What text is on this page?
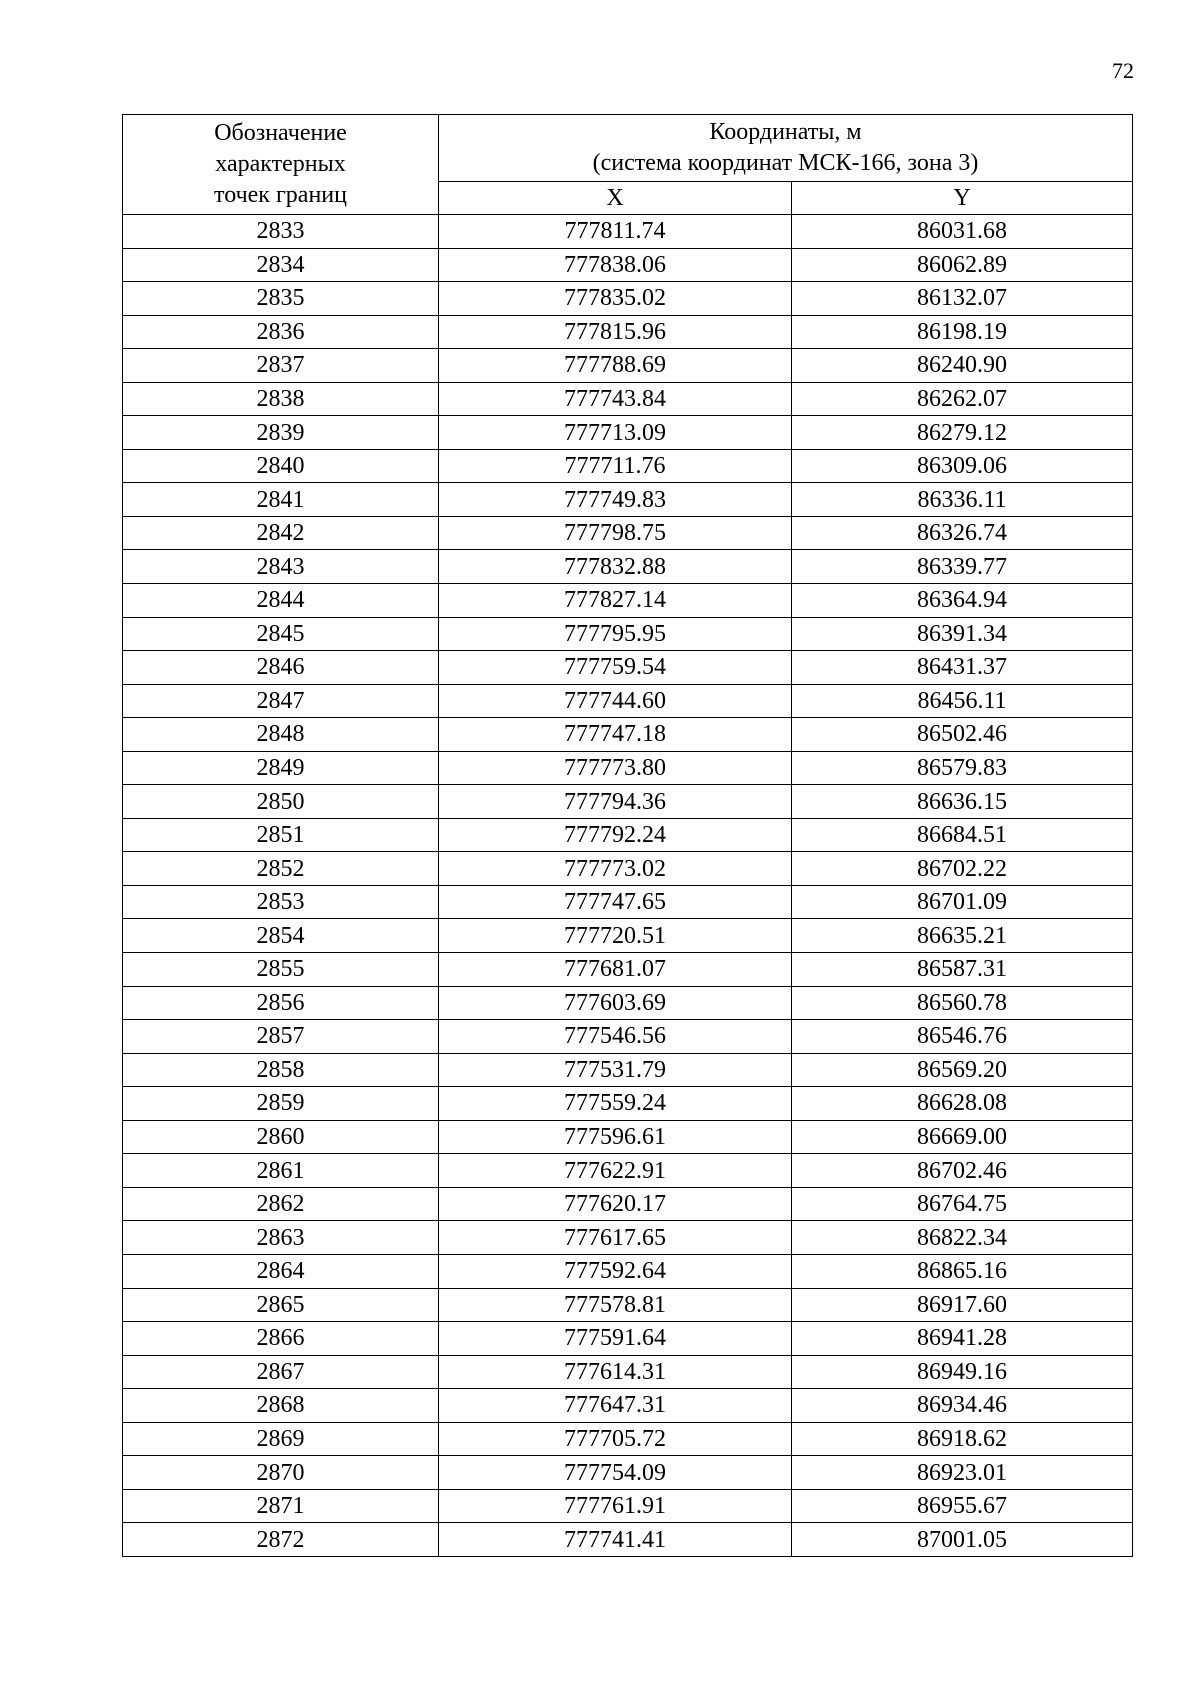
72
Обозначение
характерных
точек границ	Координаты, м
(система координат МСК-166, зона 3)	

	X	Y
2833	777811.74	86031.68
2834	777838.06	86062.89
2835	777835.02	86132.07
2836	777815.96	86198.19
2837	777788.69	86240.90
2838	777743.84	86262.07
2839	777713.09	86279.12
2840	777711.76	86309.06
2841	777749.83	86336.11
2842	777798.75	86326.74
2843	777832.88	86339.77
2844	777827.14	86364.94
2845	777795.95	86391.34
2846	777759.54	86431.37
2847	777744.60	86456.11
2848	777747.18	86502.46
2849	777773.80	86579.83
2850	777794.36	86636.15
2851	777792.24	86684.51
2852	777773.02	86702.22
2853	777747.65	86701.09
2854	777720.51	86635.21
2855	777681.07	86587.31
2856	777603.69	86560.78
2857	777546.56	86546.76
2858	777531.79	86569.20
2859	777559.24	86628.08
2860	777596.61	86669.00
2861	777622.91	86702.46
2862	777620.17	86764.75
2863	777617.65	86822.34
2864	777592.64	86865.16
2865	777578.81	86917.60
2866	777591.64	86941.28
2867	777614.31	86949.16
2868	777647.31	86934.46
2869	777705.72	86918.62
2870	777754.09	86923.01
2871	777761.91	86955.67
2872	777741.41	87001.05
